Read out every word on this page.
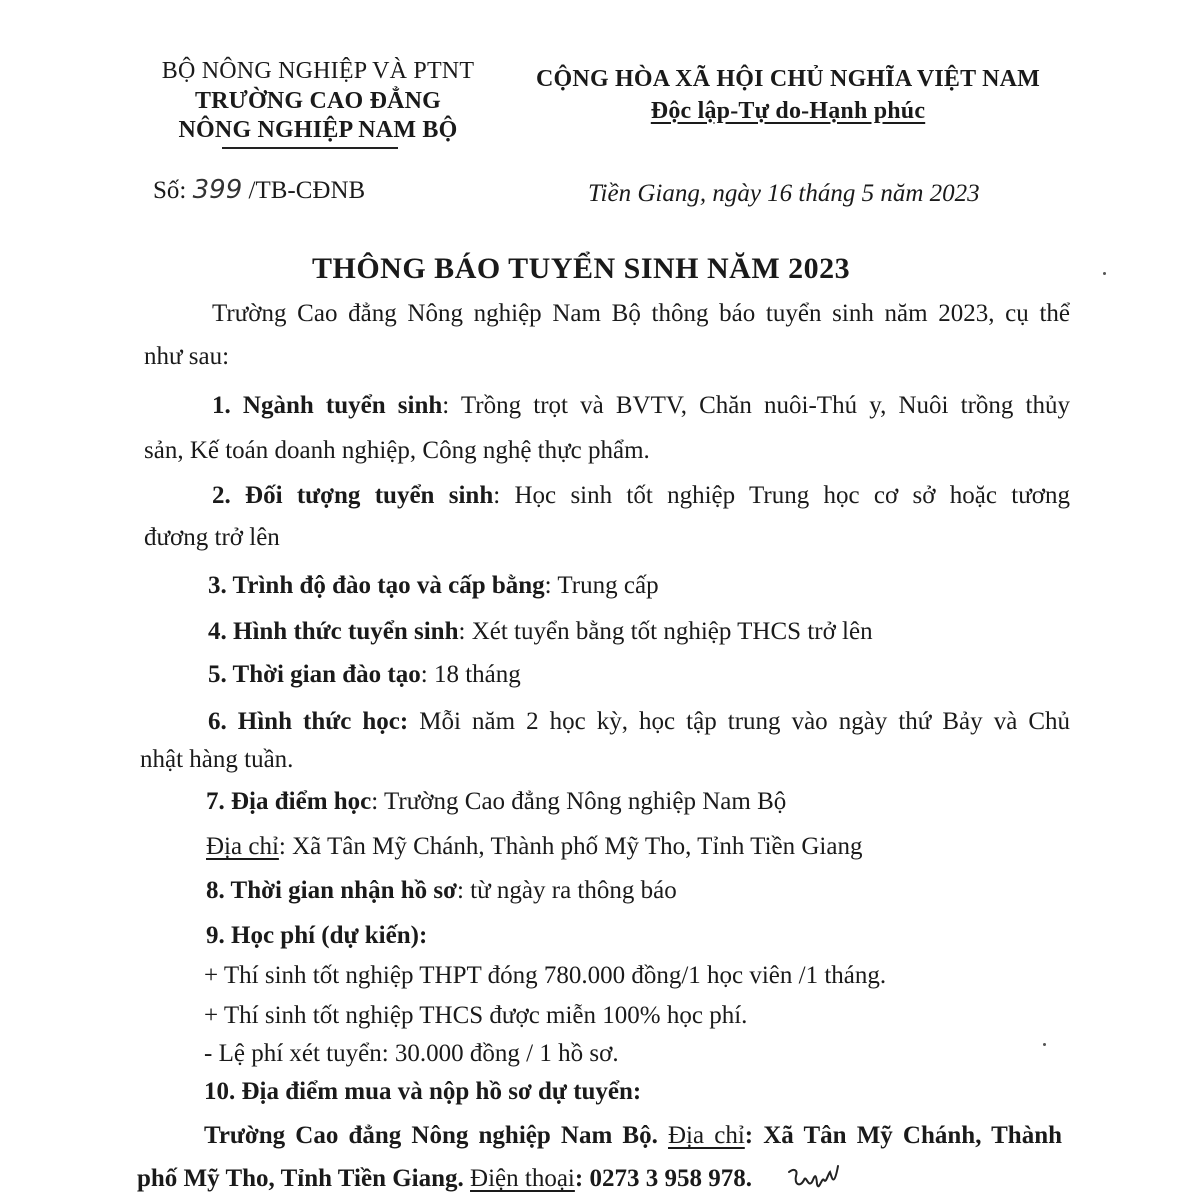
BỘ NÔNG NGHIỆP VÀ PTNT
TRƯỜNG CAO ĐẲNG
NÔNG NGHIỆP NAM BỘ
CỘNG HÒA XÃ HỘI CHỦ NGHĨA VIỆT NAM
Độc lập-Tự do-Hạnh phúc
Số: 399 /TB-CĐNB	Tiền Giang, ngày 16 tháng 5 năm 2023
THÔNG BÁO TUYỂN SINH NĂM 2023
Trường Cao đẳng Nông nghiệp Nam Bộ thông báo tuyển sinh năm 2023, cụ thể
như sau:
1. Ngành tuyển sinh: Trồng trọt và BVTV, Chăn nuôi-Thú y, Nuôi trồng thủy
sản, Kế toán doanh nghiệp, Công nghệ thực phẩm.
2. Đối tượng tuyển sinh: Học sinh tốt nghiệp Trung học cơ sở hoặc tương
đương trở lên
3. Trình độ đào tạo và cấp bằng: Trung cấp
4. Hình thức tuyển sinh: Xét tuyển bằng tốt nghiệp THCS trở lên
5. Thời gian đào tạo: 18 tháng
6. Hình thức học: Mỗi năm 2 học kỳ, học tập trung vào ngày thứ Bảy và Chủ
nhật hàng tuần.
7. Địa điểm học: Trường Cao đẳng Nông nghiệp Nam Bộ
Địa chỉ: Xã Tân Mỹ Chánh, Thành phố Mỹ Tho, Tỉnh Tiền Giang
8. Thời gian nhận hồ sơ: từ ngày ra thông báo
9. Học phí (dự kiến):
+ Thí sinh tốt nghiệp THPT đóng 780.000 đồng/1 học viên /1 tháng.
+ Thí sinh tốt nghiệp THCS được miễn 100% học phí.
- Lệ phí xét tuyển: 30.000 đồng / 1 hồ sơ.
10. Địa điểm mua và nộp hồ sơ dự tuyển:
Trường Cao đẳng Nông nghiệp Nam Bộ. Địa chỉ: Xã Tân Mỹ Chánh, Thành
phố Mỹ Tho, Tỉnh Tiền Giang. Điện thoại: 0273 3 958 978.
